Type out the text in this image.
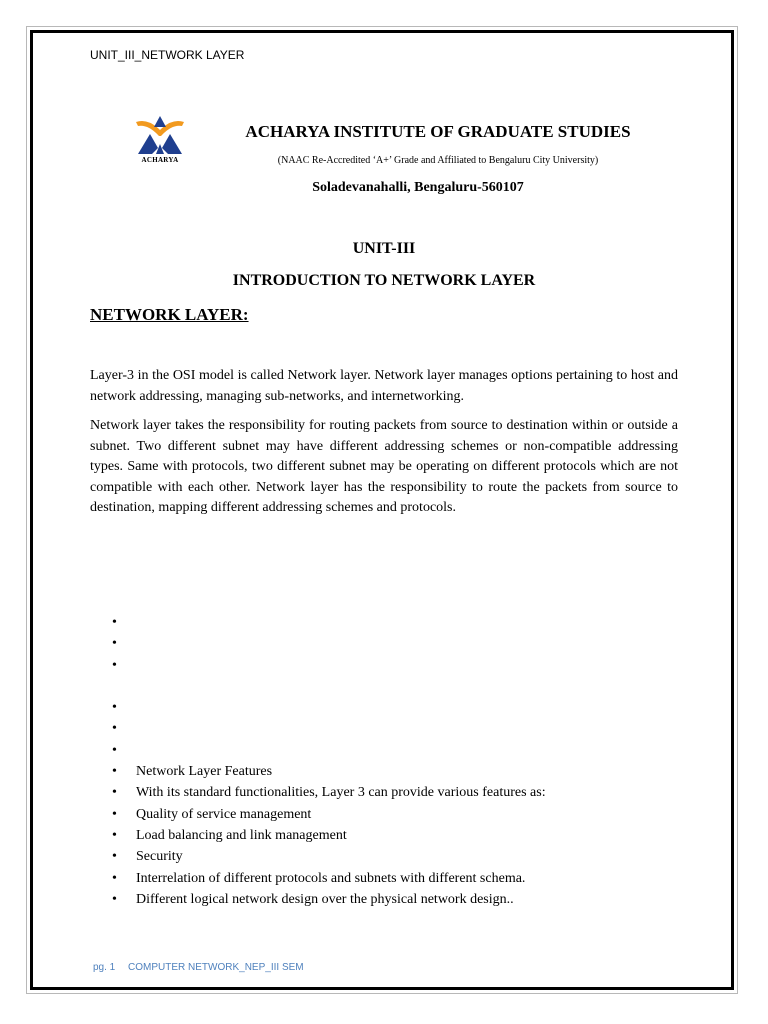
UNIT_III_NETWORK LAYER
ACHARYA
ACHARYA INSTITUTE OF GRADUATE STUDIES
(NAAC Re-Accredited ‘A+’ Grade and Affiliated to Bengaluru City University)
Soladevanahalli, Bengaluru-560107
UNIT-III
INTRODUCTION TO NETWORK LAYER
NETWORK LAYER:

Layer-3 in the OSI model is called Network layer. Network layer manages options pertaining to host and network addressing, managing sub-networks, and internetworking.

Network layer takes the responsibility for routing packets from source to destination within or outside a subnet. Two different subnet may have different addressing schemes or non-compatible addressing types. Same with protocols, two different subnet may be operating on different protocols which are not compatible with each other. Network layer has the responsibility to route the packets from source to destination, mapping different addressing schemes and protocols.

•
•
•
•
•
•
• Network Layer Features
• With its standard functionalities, Layer 3 can provide various features as:
• Quality of service management
• Load balancing and link management
• Security
• Interrelation of different protocols and subnets with different schema.
• Different logical network design over the physical network design..
pg. 1 COMPUTER NETWORK_NEP_III SEM
